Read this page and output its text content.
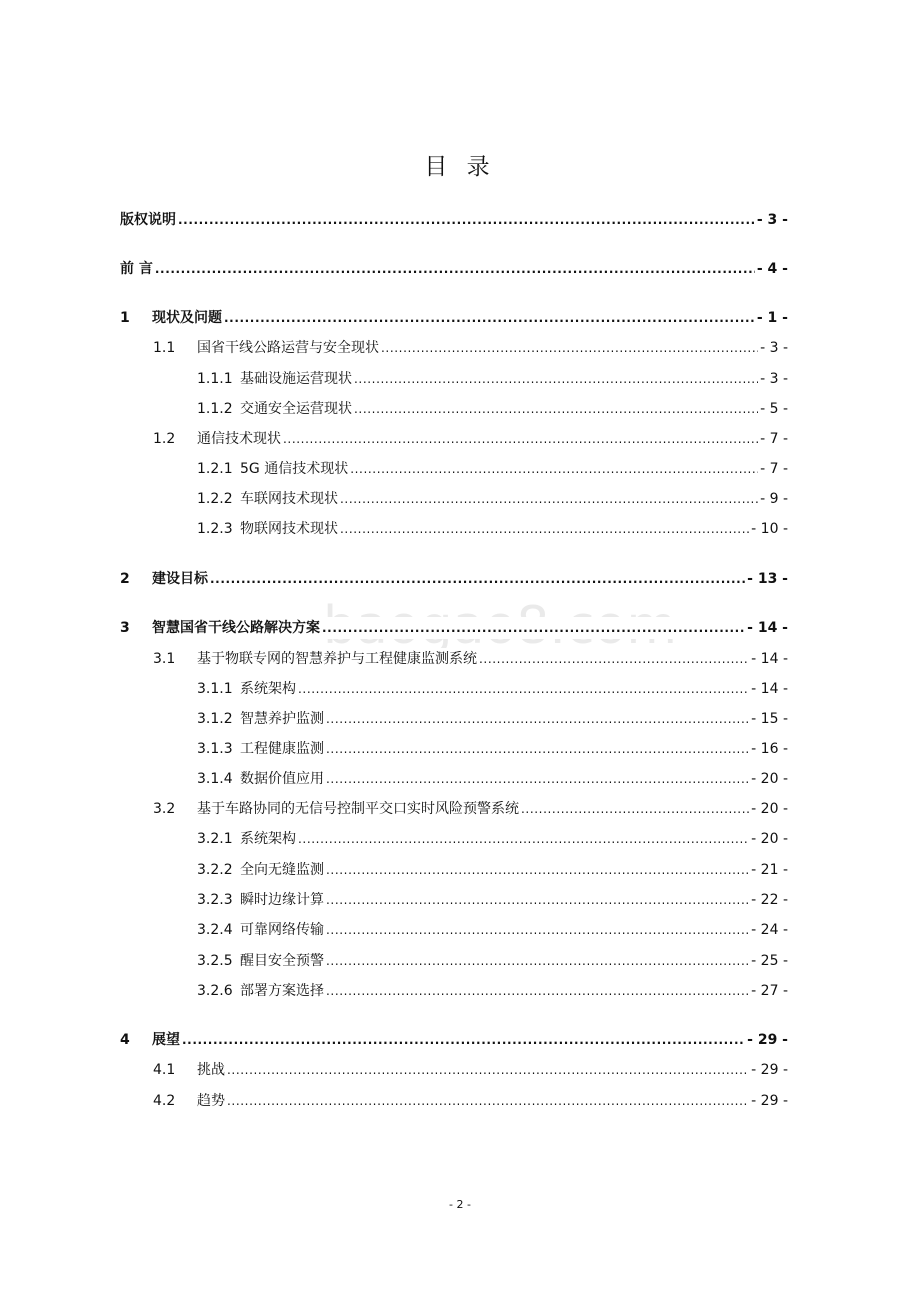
目 录
版权说明 .....	- 3 -
前 言 .....	- 4 -
1 现状及问题 .....	- 1 -
1.1 国省干线公路运营与安全现状 .....	- 3 -
1.1.1 基础设施运营现状 .....	- 3 -
1.1.2 交通安全运营现状 .....	- 5 -
1.2 通信技术现状 .....	- 7 -
1.2.1 5G 通信技术现状 .....	- 7 -
1.2.2 车联网技术现状 .....	- 9 -
1.2.3 物联网技术现状 .....	- 10 -
2 建设目标 .....	- 13 -
3 智慧国省干线公路解决方案 .....	- 14 -
3.1 基于物联专网的智慧养护与工程健康监测系统 .....	- 14 -
3.1.1 系统架构 .....	- 14 -
3.1.2 智慧养护监测 .....	- 15 -
3.1.3 工程健康监测 .....	- 16 -
3.1.4 数据价值应用 .....	- 20 -
3.2 基于车路协同的无信号控制平交口实时风险预警系统 .....	- 20 -
3.2.1 系统架构 .....	- 20 -
3.2.2 全向无缝监测 .....	- 21 -
3.2.3 瞬时边缘计算 .....	- 22 -
3.2.4 可靠网络传输 .....	- 24 -
3.2.5 醒目安全预警 .....	- 25 -
3.2.6 部署方案选择 .....	- 27 -
4 展望 .....	- 29 -
4.1 挑战 .....	- 29 -
4.2 趋势 .....	- 29 -
- 2 -
